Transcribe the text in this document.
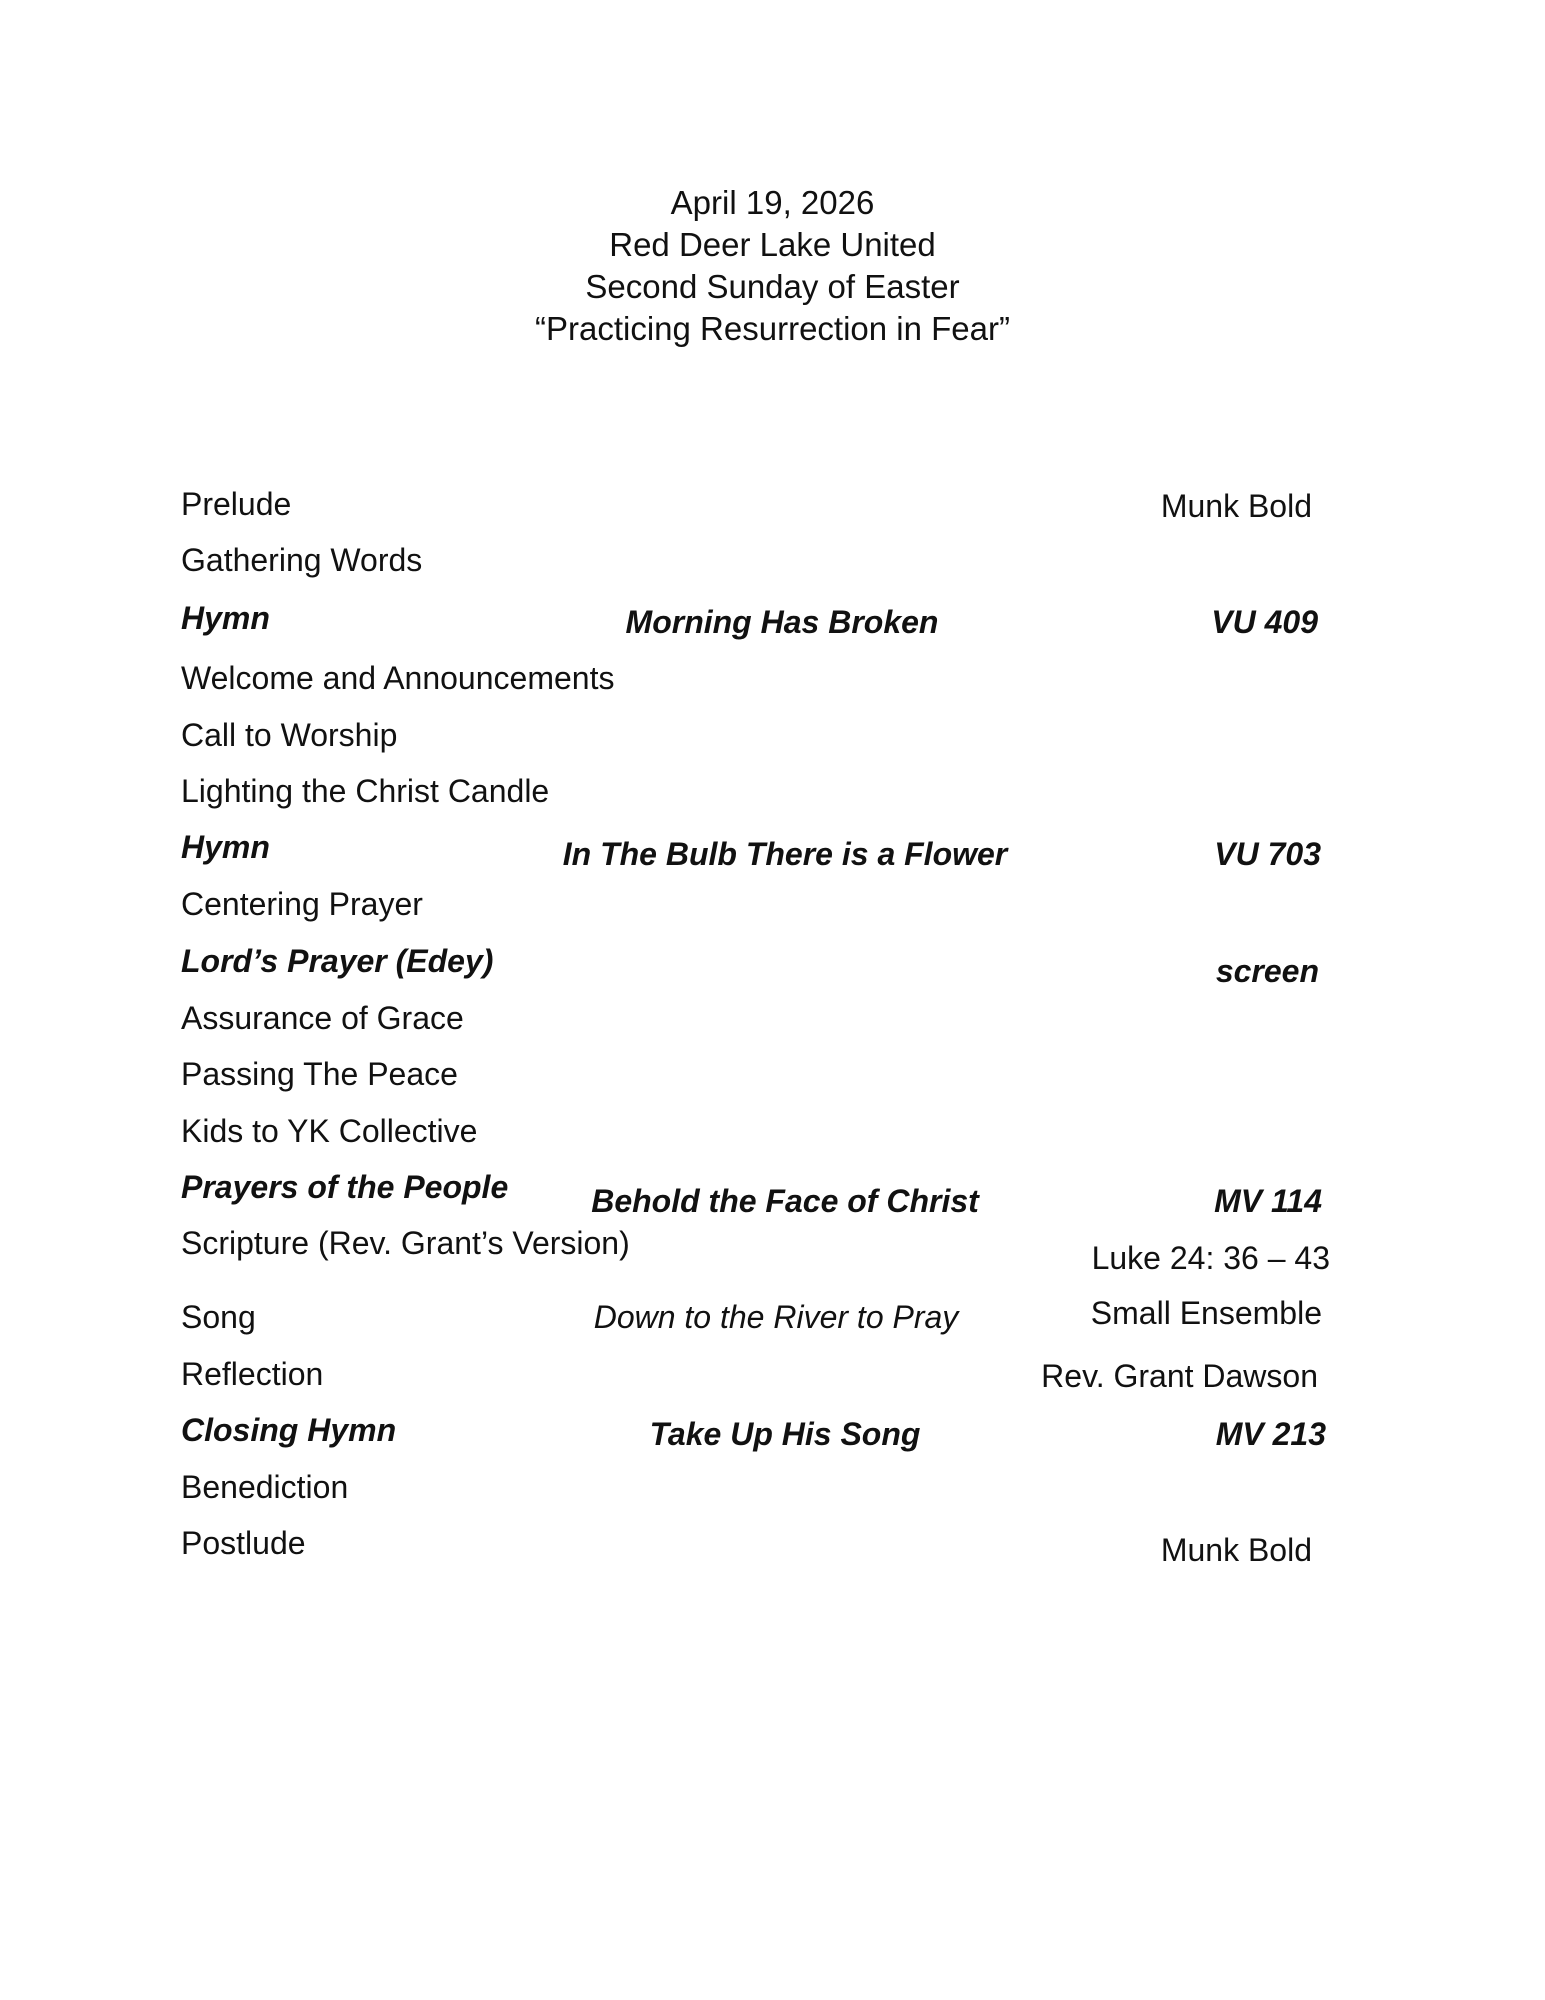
April 19, 2026
Red Deer Lake United
Second Sunday of Easter
“Practicing Resurrection in Fear”
Prelude	Munk Bold
Gathering Words
Hymn	Morning Has Broken	VU 409
Welcome and Announcements
Call to Worship
Lighting the Christ Candle
Hymn	In The Bulb There is a Flower	VU 703
Centering Prayer
Lord’s Prayer (Edey)	screen
Assurance of Grace
Passing The Peace
Kids to YK Collective
Prayers of the People	Behold the Face of Christ	MV 114
Scripture (Rev. Grant’s Version)	Luke 24: 36 – 43
Song	Down to the River to Pray	Small Ensemble
Reflection	Rev. Grant Dawson
Closing Hymn	Take Up His Song	MV 213
Benediction
Postlude	Munk Bold
